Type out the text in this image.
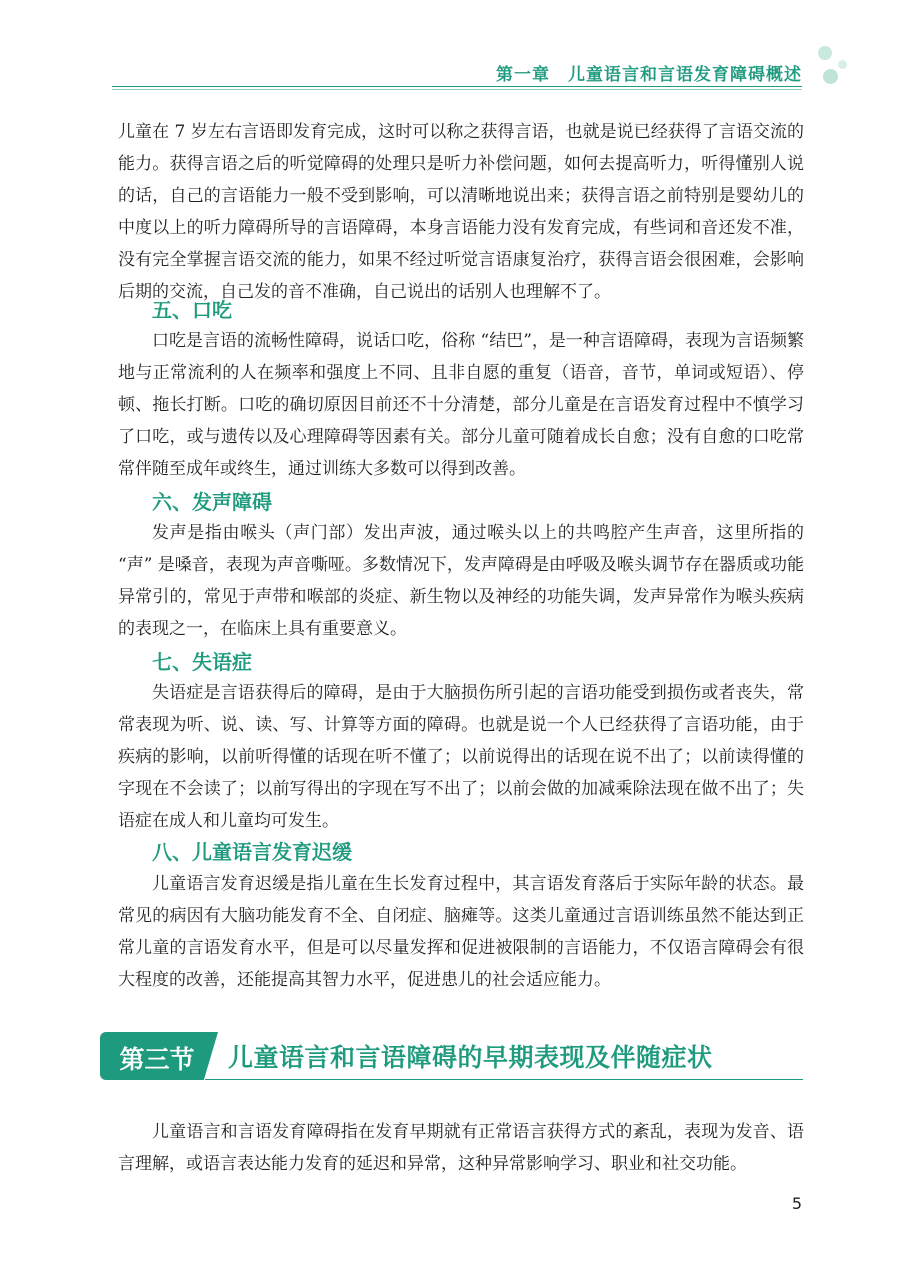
第一章　儿童语言和言语发育障碍概述

儿童在 7 岁左右言语即发育完成，这时可以称之获得言语，也就是说已经获得了言语交流的能力。获得言语之后的听觉障碍的处理只是听力补偿问题，如何去提高听力，听得懂别人说的话，自己的言语能力一般不受到影响，可以清晰地说出来；获得言语之前特别是婴幼儿的中度以上的听力障碍所导的言语障碍，本身言语能力没有发育完成，有些词和音还发不准，没有完全掌握言语交流的能力，如果不经过听觉言语康复治疗，获得言语会很困难，会影响后期的交流，自己发的音不准确，自己说出的话别人也理解不了。

五、口吃

口吃是言语的流畅性障碍，说话口吃，俗称 “结巴”，是一种言语障碍，表现为言语频繁地与正常流利的人在频率和强度上不同、且非自愿的重复（语音，音节，单词或短语）、停顿、拖长打断。口吃的确切原因目前还不十分清楚，部分儿童是在言语发育过程中不慎学习了口吃，或与遗传以及心理障碍等因素有关。部分儿童可随着成长自愈；没有自愈的口吃常常伴随至成年或终生，通过训练大多数可以得到改善。

六、发声障碍

发声是指由喉头（声门部）发出声波，通过喉头以上的共鸣腔产生声音，这里所指的 “声” 是嗓音，表现为声音嘶哑。多数情况下，发声障碍是由呼吸及喉头调节存在器质或功能异常引的，常见于声带和喉部的炎症、新生物以及神经的功能失调，发声异常作为喉头疾病的表现之一，在临床上具有重要意义。

七、失语症

失语症是言语获得后的障碍，是由于大脑损伤所引起的言语功能受到损伤或者丧失，常常表现为听、说、读、写、计算等方面的障碍。也就是说一个人已经获得了言语功能，由于疾病的影响，以前听得懂的话现在听不懂了；以前说得出的话现在说不出了；以前读得懂的字现在不会读了；以前写得出的字现在写不出了；以前会做的加减乘除法现在做不出了；失语症在成人和儿童均可发生。

八、儿童语言发育迟缓

儿童语言发育迟缓是指儿童在生长发育过程中，其言语发育落后于实际年龄的状态。最常见的病因有大脑功能发育不全、自闭症、脑瘫等。这类儿童通过言语训练虽然不能达到正常儿童的言语发育水平，但是可以尽量发挥和促进被限制的言语能力，不仅语言障碍会有很大程度的改善，还能提高其智力水平，促进患儿的社会适应能力。

第三节	儿童语言和言语障碍的早期表现及伴随症状

儿童语言和言语发育障碍指在发育早期就有正常语言获得方式的紊乱，表现为发音、语言理解，或语言表达能力发育的延迟和异常，这种异常影响学习、职业和社交功能。

5
